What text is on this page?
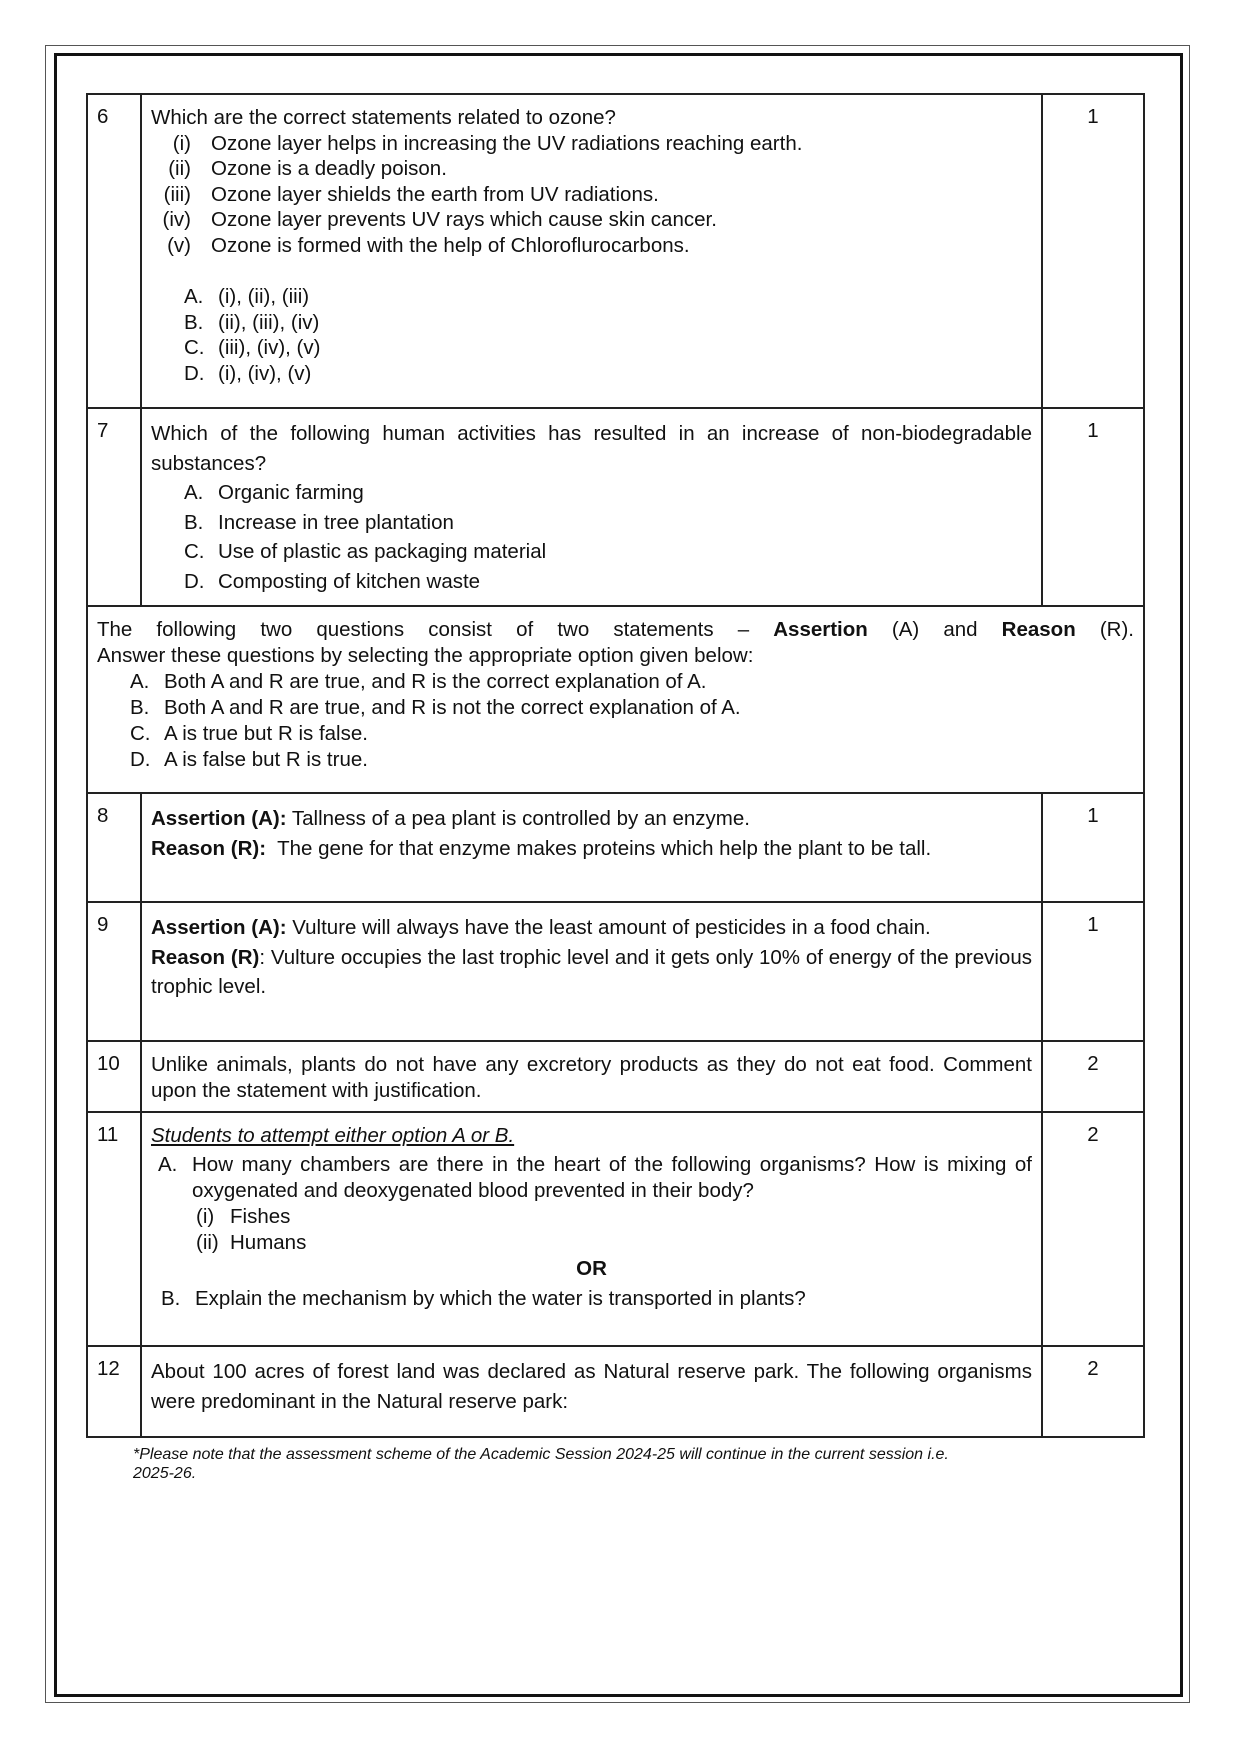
6	Which are the correct statements related to ozone?
(i) Ozone layer helps in increasing the UV radiations reaching earth.
(ii) Ozone is a deadly poison.
(iii) Ozone layer shields the earth from UV radiations.
(iv) Ozone layer prevents UV rays which cause skin cancer.
(v) Ozone is formed with the help of Chloroflurocarbons.
A. (i), (ii), (iii)
B. (ii), (iii), (iv)
C. (iii), (iv), (v)
D. (i), (iv), (v)
1
7	Which of the following human activities has resulted in an increase of non-biodegradable substances?
A. Organic farming
B. Increase in tree plantation
C. Use of plastic as packaging material
D. Composting of kitchen waste
1
The following two questions consist of two statements – Assertion (A) and Reason (R).
Answer these questions by selecting the appropriate option given below:
A. Both A and R are true, and R is the correct explanation of A.
B. Both A and R are true, and R is not the correct explanation of A.
C. A is true but R is false.
D. A is false but R is true.
8	Assertion (A): Tallness of a pea plant is controlled by an enzyme.
Reason (R):  The gene for that enzyme makes proteins which help the plant to be tall.
1
9	Assertion (A): Vulture will always have the least amount of pesticides in a food chain.
Reason (R): Vulture occupies the last trophic level and it gets only 10% of energy of the previous trophic level.
1
10	Unlike animals, plants do not have any excretory products as they do not eat food. Comment upon the statement with justification.
2
11	Students to attempt either option A or B.
A. How many chambers are there in the heart of the following organisms? How is mixing of oxygenated and deoxygenated blood prevented in their body?
(i) Fishes
(ii) Humans
OR
B. Explain the mechanism by which the water is transported in plants?
2
12	About 100 acres of forest land was declared as Natural reserve park. The following organisms were predominant in the Natural reserve park:
2
*Please note that the assessment scheme of the Academic Session 2024-25 will continue in the current session i.e. 2025-26.
